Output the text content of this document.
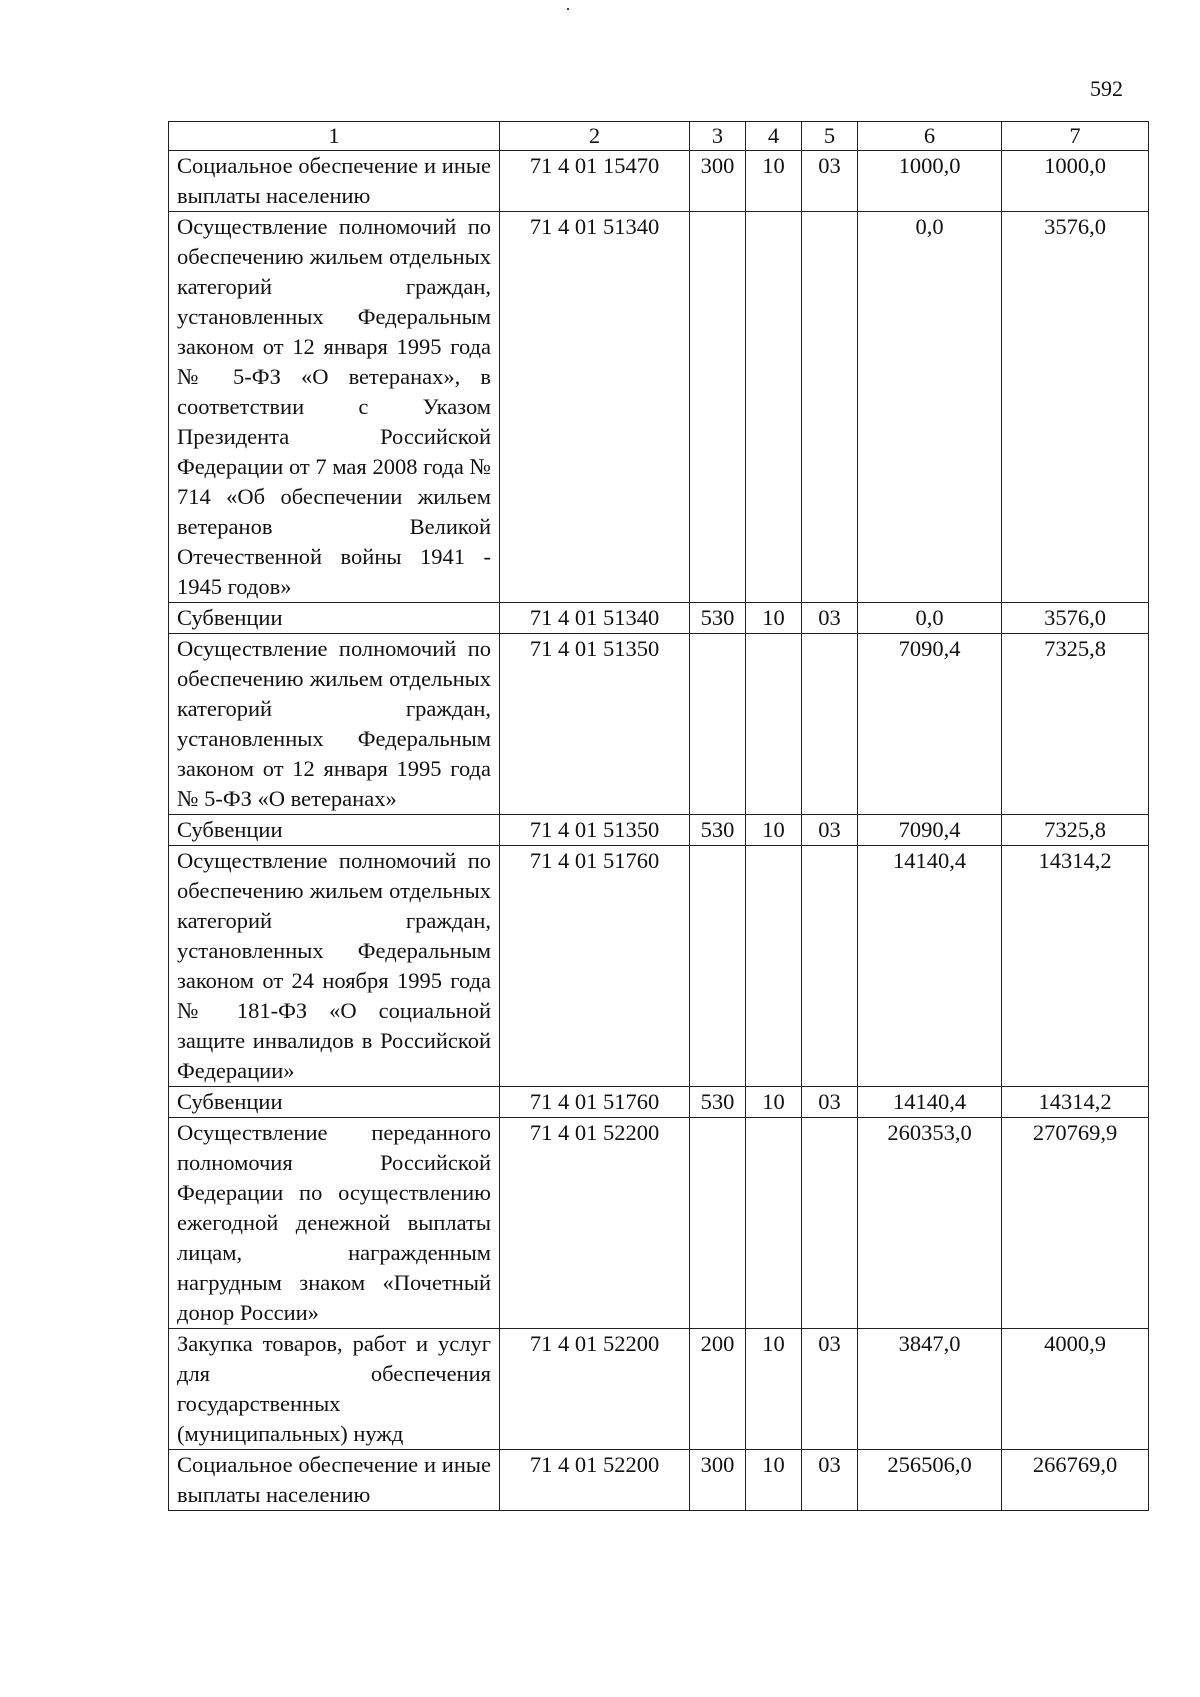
592
1	2	3	4	5	6	7
Социальное обеспечение и иные выплаты населению	71 4 01 15470	300	10	03	1000,0	1000,0
Осуществление полномочий по обеспечению жильем отдельных категорий граждан, установленных Федеральным законом от 12 января 1995 года № 5-ФЗ «О ветеранах», в соответствии с Указом Президента Российской Федерации от 7 мая 2008 года № 714 «Об обеспечении жильем ветеранов Великой Отечественной войны 1941 - 1945 годов»	71 4 01 51340				0,0	3576,0
Субвенции	71 4 01 51340	530	10	03	0,0	3576,0
Осуществление полномочий по обеспечению жильем отдельных категорий граждан, установленных Федеральным законом от 12 января 1995 года № 5-ФЗ «О ветеранах»	71 4 01 51350				7090,4	7325,8
Субвенции	71 4 01 51350	530	10	03	7090,4	7325,8
Осуществление полномочий по обеспечению жильем отдельных категорий граждан, установленных Федеральным законом от 24 ноября 1995 года № 181-ФЗ «О социальной защите инвалидов в Российской Федерации»	71 4 01 51760				14140,4	14314,2
Субвенции	71 4 01 51760	530	10	03	14140,4	14314,2
Осуществление переданного полномочия Российской Федерации по осуществлению ежегодной денежной выплаты лицам, награжденным нагрудным знаком «Почетный донор России»	71 4 01 52200				260353,0	270769,9
Закупка товаров, работ и услуг для обеспечения государственных (муниципальных) нужд	71 4 01 52200	200	10	03	3847,0	4000,9
Социальное обеспечение и иные выплаты населению	71 4 01 52200	300	10	03	256506,0	266769,0
